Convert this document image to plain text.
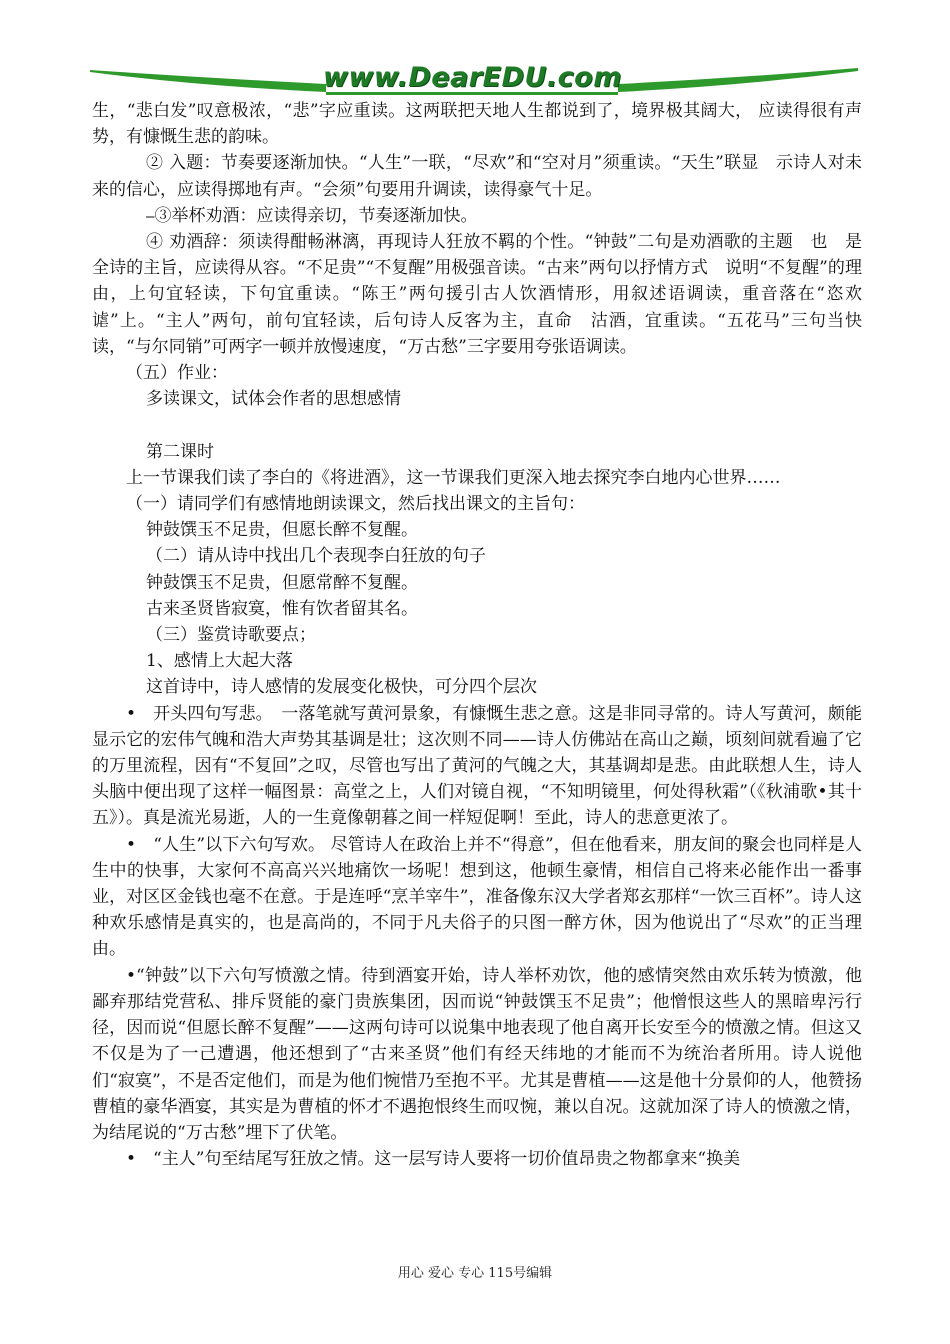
www.DearEDU.com

生，“悲白发”叹意极浓，“悲”字应重读。这两联把天地人生都说到了，境界极其阔大， 应读得很有声势，有慷慨生悲的韵味。

② 入题：节奏要逐渐加快。“人生”一联，“尽欢”和“空对月”须重读。“天生”联显　示诗人对未来的信心，应读得掷地有声。“会须”句要用升调读，读得豪气十足。

⎯③举杯劝酒：应读得亲切，节奏逐渐加快。

④ 劝酒辞：须读得酣畅淋漓，再现诗人狂放不羁的个性。“钟鼓”二句是劝酒歌的主题　也　是全诗的主旨，应读得从容。“不足贵”“不复醒”用极强音读。“古来”两句以抒情方式　说明“不复醒”的理由，上句宜轻读，下句宜重读。“陈王”两句援引古人饮酒情形，用叙述语调读，重音落在“恣欢谑”上。“主人”两句，前句宜轻读，后句诗人反客为主，直命　沽酒，宜重读。“五花马”三句当快读，“与尔同销”可两字一顿并放慢速度，“万古愁”三字要用夸张语调读。

（五）作业：

多读课文，试体会作者的思想感情

第二课时

上一节课我们读了李白的《将进酒》，这一节课我们更深入地去探究李白地内心世界……

（一）请同学们有感情地朗读课文，然后找出课文的主旨句：

钟鼓馔玉不足贵，但愿长醉不复醒。

（二）请从诗中找出几个表现李白狂放的句子

钟鼓馔玉不足贵，但愿常醉不复醒。

古来圣贤皆寂寞，惟有饮者留其名。

（三）鉴赏诗歌要点；

1、感情上大起大落

这首诗中，诗人感情的发展变化极快，可分四个层次

•　开头四句写悲。　一落笔就写黄河景象，有慷慨生悲之意。这是非同寻常的。诗人写黄河，颇能显示它的宏伟气魄和浩大声势其基调是壮；这次则不同——诗人仿佛站在高山之巅，顷刻间就看遍了它的万里流程，因有“不复回”之叹，尽管也写出了黄河的气魄之大，其基调却是悲。由此联想人生，诗人头脑中便出现了这样一幅图景：高堂之上，人们对镜自视，“不知明镜里，何处得秋霜”（《秋浦歌•其十五》）。真是流光易逝，人的一生竟像朝暮之间一样短促啊！至此，诗人的悲意更浓了。

•　“人生”以下六句写欢。 尽管诗人在政治上并不“得意”，但在他看来，朋友间的聚会也同样是人生中的快事，大家何不高高兴兴地痛饮一场呢！想到这，他顿生豪情，相信自己将来必能作出一番事业，对区区金钱也毫不在意。于是连呼“烹羊宰牛”，准备像东汉大学者郑玄那样“一饮三百杯”。诗人这种欢乐感情是真实的，也是高尚的，不同于凡夫俗子的只图一醉方休，因为他说出了“尽欢”的正当理由。

•“钟鼓”以下六句写愤激之情。待到酒宴开始，诗人举杯劝饮，他的感情突然由欢乐转为愤激，他鄙弃那结党营私、排斥贤能的豪门贵族集团，因而说“钟鼓馔玉不足贵”；他憎恨这些人的黑暗卑污行径，因而说“但愿长醉不复醒”——这两句诗可以说集中地表现了他自离开长安至今的愤激之情。但这又不仅是为了一己遭遇，他还想到了“古来圣贤”他们有经天纬地的才能而不为统治者所用。诗人说他们“寂寞”，不是否定他们，而是为他们惋惜乃至抱不平。尤其是曹植——这是他十分景仰的人，他赞扬曹植的豪华酒宴，其实是为曹植的怀才不遇抱恨终生而叹惋，兼以自况。这就加深了诗人的愤激之情，为结尾说的“万古愁”埋下了伏笔。

•　“主人”句至结尾写狂放之情。这一层写诗人要将一切价值昂贵之物都拿来“换美

用心 爱心 专心 115号编辑
